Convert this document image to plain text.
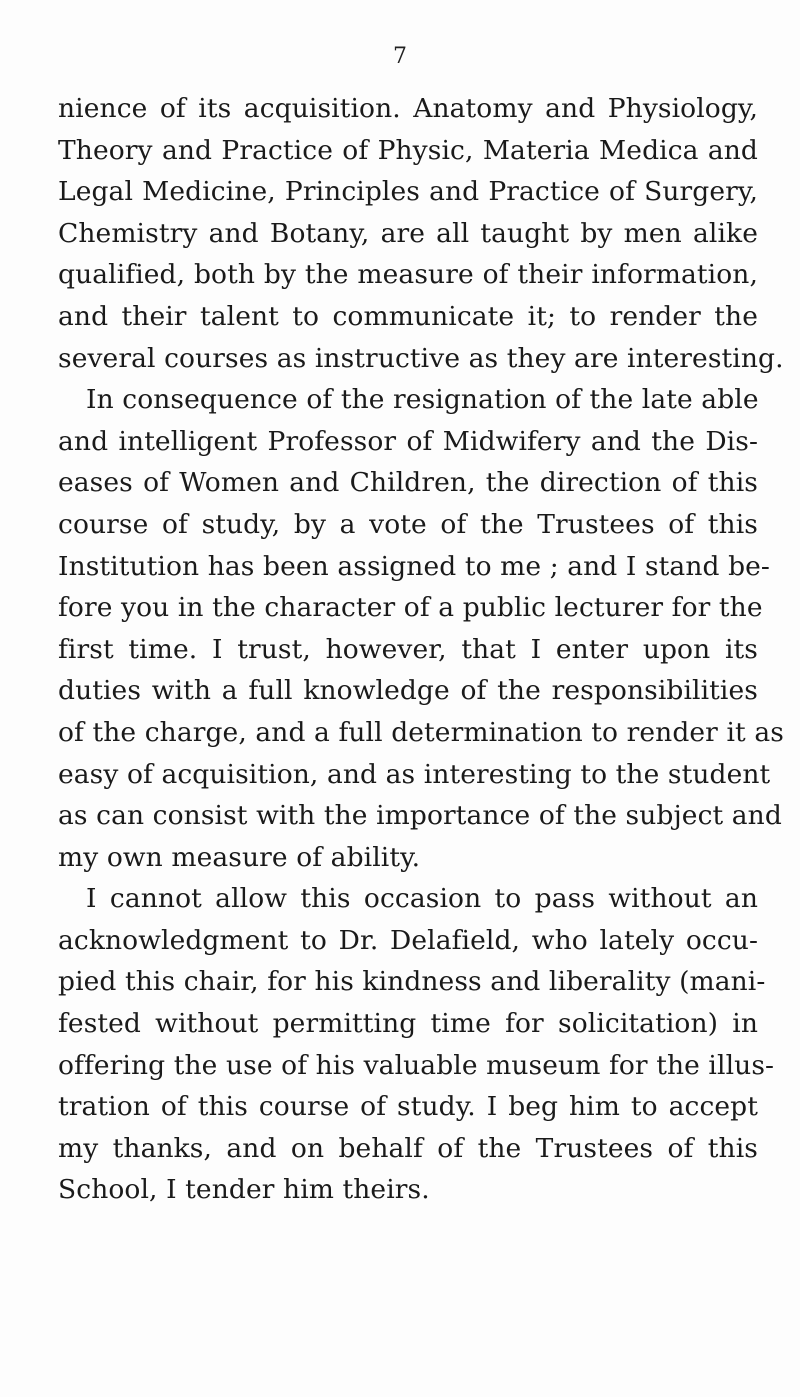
7
nience of its acquisition. Anatomy and Physiology,
Theory and Practice of Physic, Materia Medica and
Legal Medicine, Principles and Practice of Surgery,
Chemistry and Botany, are all taught by men alike
qualified, both by the measure of their information,
and their talent to communicate it; to render the
several courses as instructive as they are interesting.
In consequence of the resignation of the late able
and intelligent Professor of Midwifery and the Dis-
eases of Women and Children, the direction of this
course of study, by a vote of the Trustees of this
Institution has been assigned to me ; and I stand be-
fore you in the character of a public lecturer for the
first time. I trust, however, that I enter upon its
duties with a full knowledge of the responsibilities
of the charge, and a full determination to render it as
easy of acquisition, and as interesting to the student
as can consist with the importance of the subject and
my own measure of ability.
I cannot allow this occasion to pass without an
acknowledgment to Dr. Delafield, who lately occu-
pied this chair, for his kindness and liberality (mani-
fested without permitting time for solicitation) in
offering the use of his valuable museum for the illus-
tration of this course of study. I beg him to accept
my thanks, and on behalf of the Trustees of this
School, I tender him theirs.
